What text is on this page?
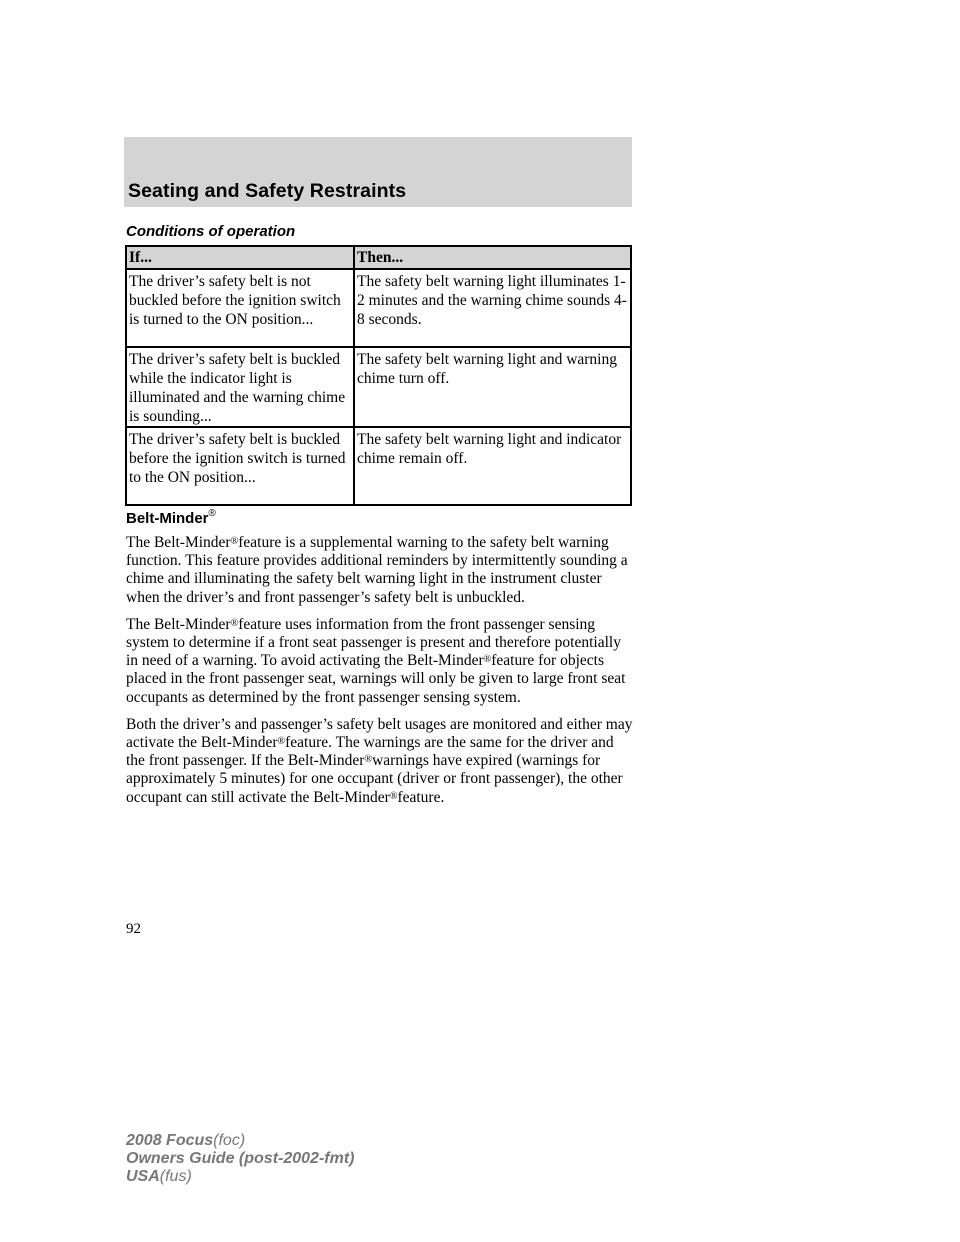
Seating and Safety Restraints
Conditions of operation
If...	Then...
The driver’s safety belt is not buckled before the ignition switch is turned to the ON position...	The safety belt warning light illuminates 1-2 minutes and the warning chime sounds 4-8 seconds.
The driver’s safety belt is buckled while the indicator light is illuminated and the warning chime is sounding...	The safety belt warning light and warning chime turn off.
The driver’s safety belt is buckled before the ignition switch is turned to the ON position...	The safety belt warning light and indicator chime remain off.
Belt-Minder®

The Belt-Minder®feature is a supplemental warning to the safety belt warning function. This feature provides additional reminders by intermittently sounding a chime and illuminating the safety belt warning light in the instrument cluster when the driver’s and front passenger’s safety belt is unbuckled.

The Belt-Minder®feature uses information from the front passenger sensing system to determine if a front seat passenger is present and therefore potentially in need of a warning. To avoid activating the Belt-Minder®feature for objects placed in the front passenger seat, warnings will only be given to large front seat occupants as determined by the front passenger sensing system.

Both the driver’s and passenger’s safety belt usages are monitored and either may activate the Belt-Minder®feature. The warnings are the same for the driver and the front passenger. If the Belt-Minder®warnings have expired (warnings for approximately 5 minutes) for one occupant (driver or front passenger), the other occupant can still activate the Belt-Minder®feature.

92
2008 Focus(foc)
Owners Guide (post-2002-fmt)
USA(fus)
